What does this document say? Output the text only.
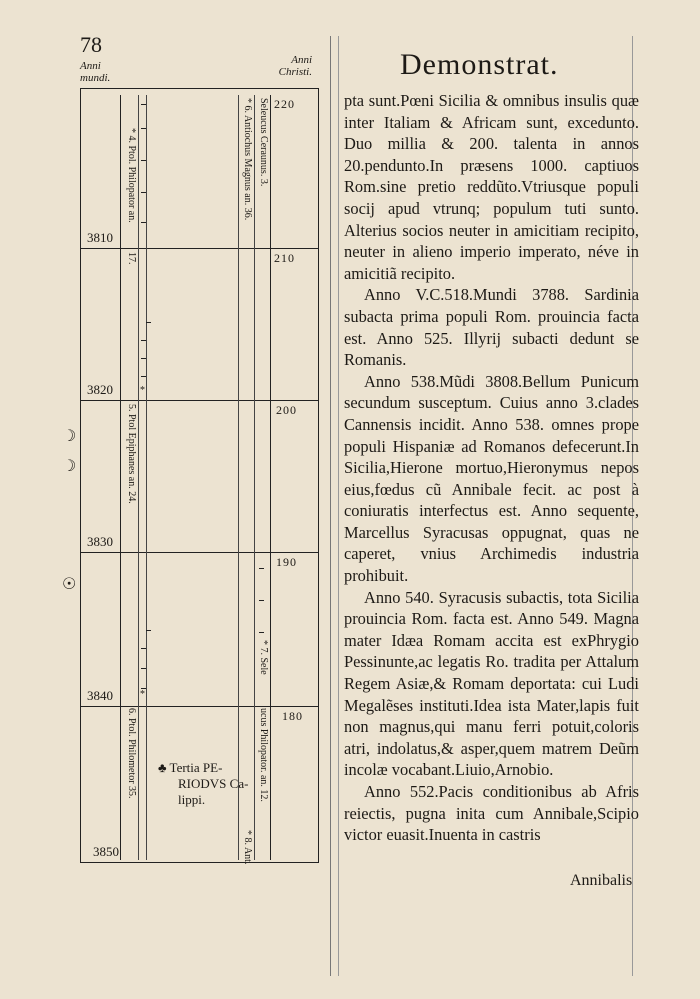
78
Anni
mundi.
Anni
Christi.	Demonstrat.
3810
3820
3830
3840
3850
220
210
200
190
180
* 4. Ptol. Philopator an.
17.
5. Ptol Epiphanes an. 24.
6. Ptol. Philometor 35.
* 6. Antiochus Magnus an. 36. Seleucus Ceraunus. 3.
* 7. Sele
ucus Philopator. an. 12.
* 8. Ant.
*
*
♣ Tertia PE-
RIODVS Ca-
lippi.
☽
☽
☉

pta sunt.Pœni Sicilia & omnibus insulis quæ inter Italiam & Africam sunt, excedunto. Duo millia & 200. talenta in annos 20.pendunto.In præsens 1000. captiuos Rom.sine pretio reddũto.Vtriusque populi socij apud vtrunq; populum tuti sunto. Alterius socios neuter in amicitiam recipito, neuter in alieno imperio imperato, néve in amicitiã recipito.

Anno V.C.518.Mundi 3788. Sardinia subacta prima populi Rom. prouincia facta est. Anno 525. Illyrij subacti dedunt se Romanis.

Anno 538.Mũdi 3808.Bellum Punicum secundum susceptum. Cuius anno 3.clades Cannensis incidit. Anno 538. omnes prope populi Hispaniæ ad Romanos defecerunt.In Sicilia,Hierone mortuo,Hieronymus nepos eius,fœdus cũ Annibale fecit. ac post à coniuratis interfectus est. Anno sequente, Marcellus Syracusas oppugnat, quas ne caperet, vnius Archimedis industria prohibuit.

Anno 540. Syracusis subactis, tota Sicilia prouincia Rom. facta est. Anno 549. Magna mater Idæa Romam accita est exPhrygio Pessinunte,ac legatis Ro. tradita per Attalum Regem Asiæ,& Romam deportata: cui Ludi Megalẽses instituti.Idea ista Mater,lapis fuit non magnus,qui manu ferri potuit,coloris atri, indolatus,& asper,quem matrem Deũm incolæ vocabant.Liuio,Arnobio.

Anno 552.Pacis conditionibus ab Afris reiectis, pugna inita cum Annibale,Scipio victor euasit.Inuenta in castris

Annibalis
